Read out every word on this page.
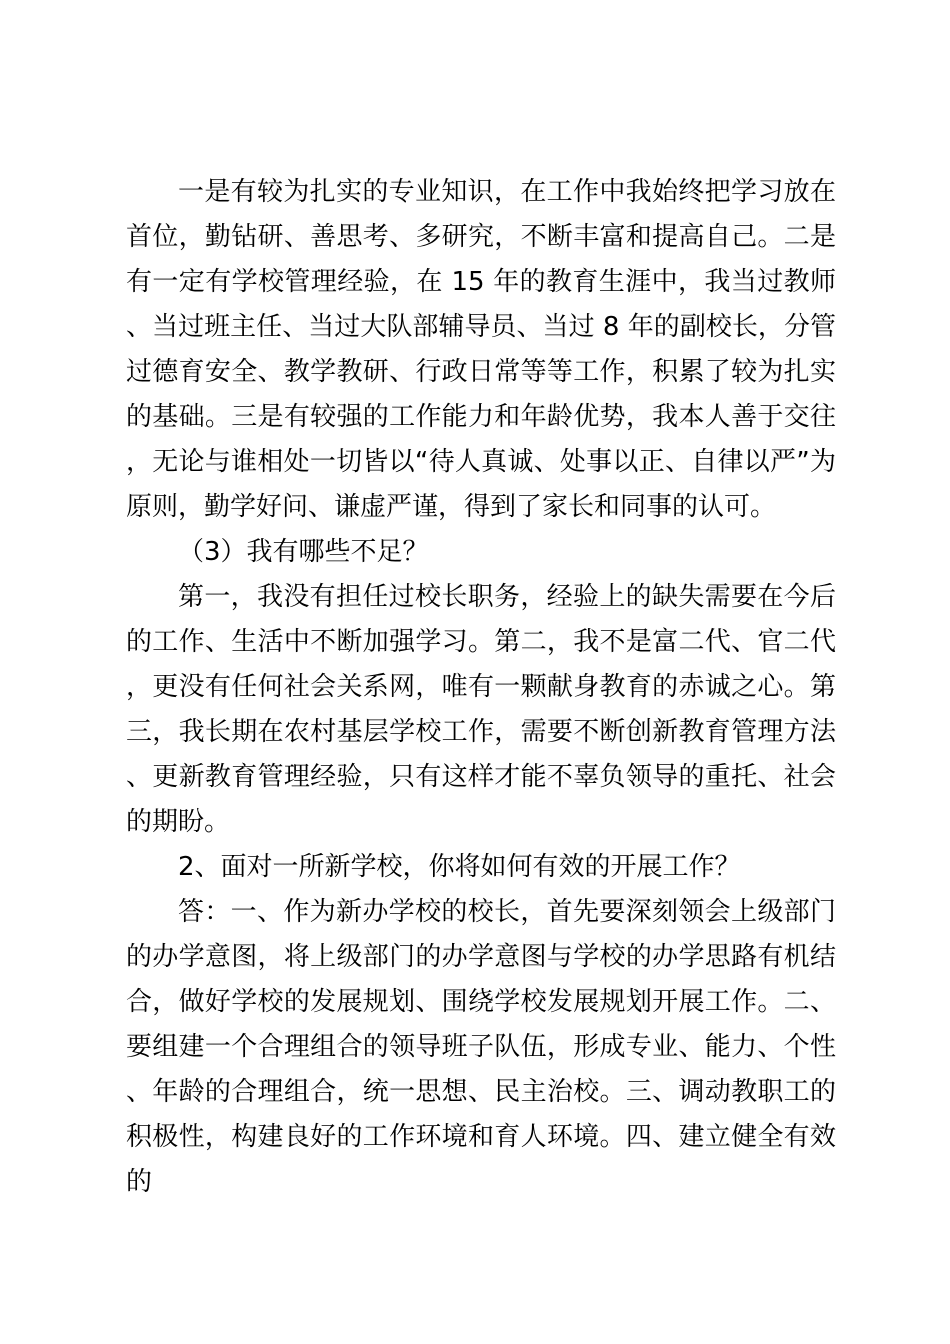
一是有较为扎实的专业知识，在工作中我始终把学习放在首位，勤钻研、善思考、多研究，不断丰富和提高自己。二是有一定有学校管理经验，在 15 年的教育生涯中，我当过教师、当过班主任、当过大队部辅导员、当过 8 年的副校长，分管过德育安全、教学教研、行政日常等等工作，积累了较为扎实的基础。三是有较强的工作能力和年龄优势，我本人善于交往，无论与谁相处一切皆以“待人真诚、处事以正、自律以严”为原则，勤学好问、谦虚严谨，得到了家长和同事的认可。

（3）我有哪些不足？

第一，我没有担任过校长职务，经验上的缺失需要在今后的工作、生活中不断加强学习。第二，我不是富二代、官二代，更没有任何社会关系网，唯有一颗献身教育的赤诚之心。第三，我长期在农村基层学校工作，需要不断创新教育管理方法、更新教育管理经验，只有这样才能不辜负领导的重托、社会的期盼。

2、面对一所新学校，你将如何有效的开展工作？

答：一、作为新办学校的校长，首先要深刻领会上级部门的办学意图，将上级部门的办学意图与学校的办学思路有机结合，做好学校的发展规划、围绕学校发展规划开展工作。二、要组建一个合理组合的领导班子队伍，形成专业、能力、个性、年龄的合理组合，统一思想、民主治校。三、调动教职工的积极性，构建良好的工作环境和育人环境。四、建立健全有效的
